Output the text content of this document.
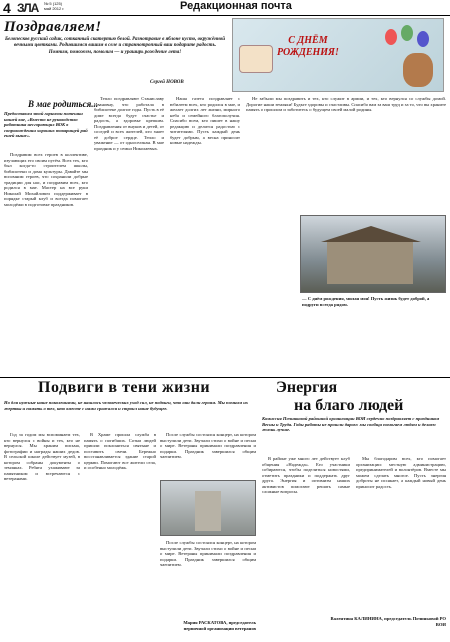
4 ЗЛА № 5 (125)
май 2012 г.	Редакционная почта
Поздравляем!
Белопесков русский садик, сотканный скатертью белой. Разнотравие в яблоне кусто, окружённой вечными цветками. Родившимся вашим в селе и страннотропный ваш подарите радость. Помним, поможем, помолим — и ураширь рождение лета!
Сергей НОВОВ
С ДНЁМ
РОЖДЕНИЯ!
В мае родиться...
Предоставим этой гарнизон потешки нашей вне, «Вместо не руководство работника несгорающих ВОК в сопровождении хороших товарищей рай ешей выше».

Поздравим всех героев в коллективе, изучающих его своим путём. Всех тех, кто был когда-то строителем школы, библиотеки и дома культуры. Давайте мы вспомним героев, что сохранили добрые традиции для нас, и поздравим всех, кто родился в мае. Мастер на все руки Николай Михайлович поддерживает в порядке старый клуб и всегда помогает молодёжи в подготовке праздников.

Тепло поздравляют Станиславу Ивановну, что работала в библиотеке долгие годы. Пусть в её доме всегда будут счастье и радость, а здоровье крепким. Поздравления от внуков и детей, от соседей и всех жителей, кто знает её доброе сердце. Тепло и уважение — от односельчан. В мае праздник и у семьи Николаевых.

Наша газета поздравляет с юбилеем всех, кто родился в мае, и желает долгих лет жизни, мирного неба и семейного благополучия. Спасибо всем, кто пишет в нашу редакцию и делится радостью с читателями. Пусть каждый день будет добрым, а весна приносит новые надежды.

Не забыли мы поздравить и тех, кто служит в армии, и тех, кто вернулся со службы домой. Дорогие наши земляки! Будьте здоровы и счастливы. Спасибо вам за ваш труд и за то, что вы храните память о прошлом и заботитесь о будущем своей малой родины.

— С днём рождения, милая моя! Пусть жизнь будет доброй, а подруги всегда рядом.
Подвиги в тени жизни
Но для нужные наше поколениями, не нашлось человеческих уход сил, не подвиги, что они дали героям. Мы помним их жертвы и память о тех, кто вместе с нами сражался и строил наше будущее.

Год за годом мы вспоминаем тех, кто вернулся с войны и тех, кто не вернулся. Мы храним письма, фотографии и награды наших дедов. В сельской школе действует музей, в котором собраны документы о земляках. Ребята ухаживают за памятником и встречаются с ветеранами.

В Храме прошла служба в память о погибших. Сотни людей пришли поклониться святыне и поставить свечи. Бережно восстанавливается здание старой церкви. Помогают все жители села, и особенно молодёжь.

После службы состоялся концерт, на котором выступили дети. Звучали стихи о войне и песни о мире. Ветераны принимали поздравления и подарки. Праздник завершился общим чаепитием.

После службы состоялся концерт, на котором выступили дети. Звучали стихи о войне и песни о мире. Ветераны принимали поздравления и подарки. Праздник завершился общим чаепитием.

Мария РАСКАТОВА, председатель первичной организации ветеранов
Энергия
на благо людей
Комиссия Починковой районной организации ВОИ сердечно поздравляет с праздником Весны и Труда. Годы работы не прошли даром: мы сообща помогаем людям и делаем жизнь лучше.

В районе уже много лет действует клуб общения «Надежда». Его участники собираются, чтобы поделиться новостями, отметить праздники и поддержать друг друга. Энергия и оптимизм наших активистов помогают решать самые сложные вопросы.

Мы благодарим всех, кто помогает организации: местную администрацию, предпринимателей и волонтёров. Вместе мы можем сделать многое. Пусть энергия доброты не иссякает, а каждый новый день приносит радость.

Валентина КАЛИНИНА, председатель Починковой РО ВОИ
